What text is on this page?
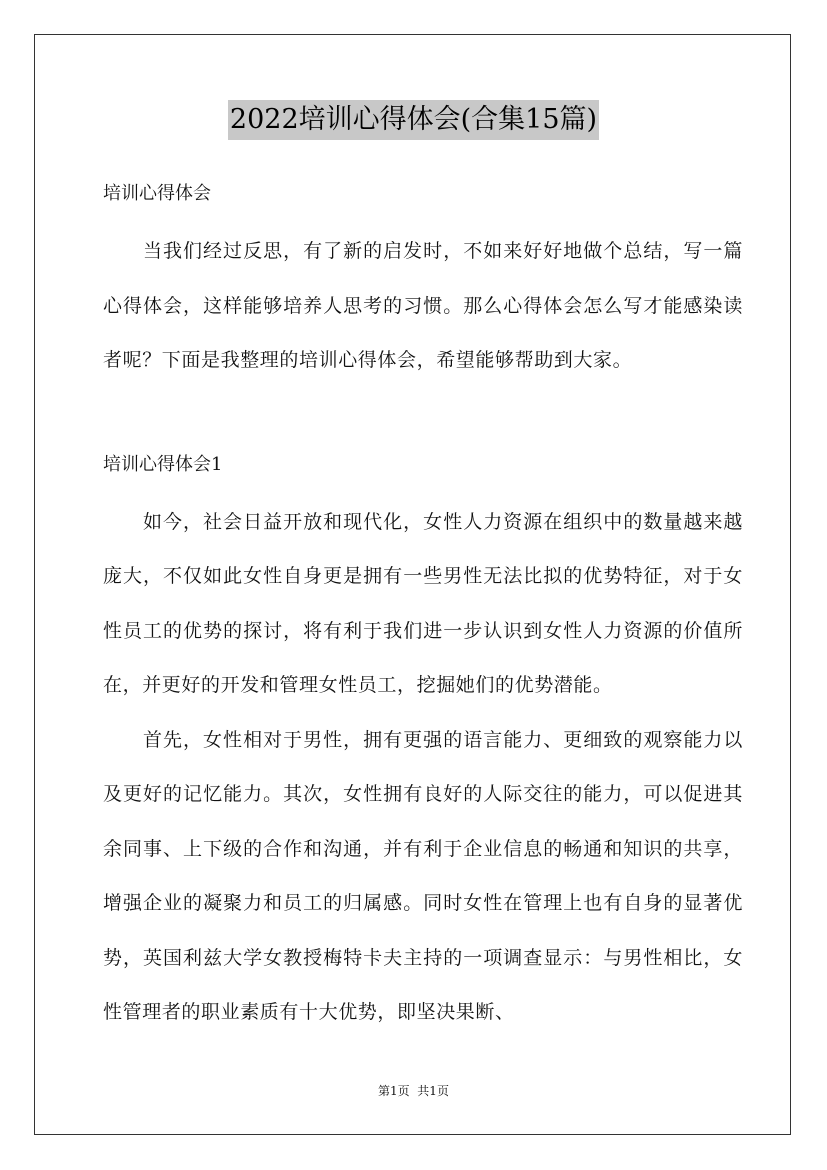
2022培训心得体会(合集15篇)

培训心得体会

当我们经过反思，有了新的启发时，不如来好好地做个总结，写一篇心得体会，这样能够培养人思考的习惯。那么心得体会怎么写才能感染读者呢？下面是我整理的培训心得体会，希望能够帮助到大家。

培训心得体会1

如今，社会日益开放和现代化，女性人力资源在组织中的数量越来越庞大，不仅如此女性自身更是拥有一些男性无法比拟的优势特征，对于女性员工的优势的探讨，将有利于我们进一步认识到女性人力资源的价值所在，并更好的开发和管理女性员工，挖掘她们的优势潜能。

首先，女性相对于男性，拥有更强的语言能力、更细致的观察能力以及更好的记忆能力。其次，女性拥有良好的人际交往的能力，可以促进其余同事、上下级的合作和沟通，并有利于企业信息的畅通和知识的共享，增强企业的凝聚力和员工的归属感。同时女性在管理上也有自身的显著优势，英国利兹大学女教授梅特卡夫主持的一项调查显示：与男性相比，女性管理者的职业素质有十大优势，即坚决果断、

第1页  共1页
